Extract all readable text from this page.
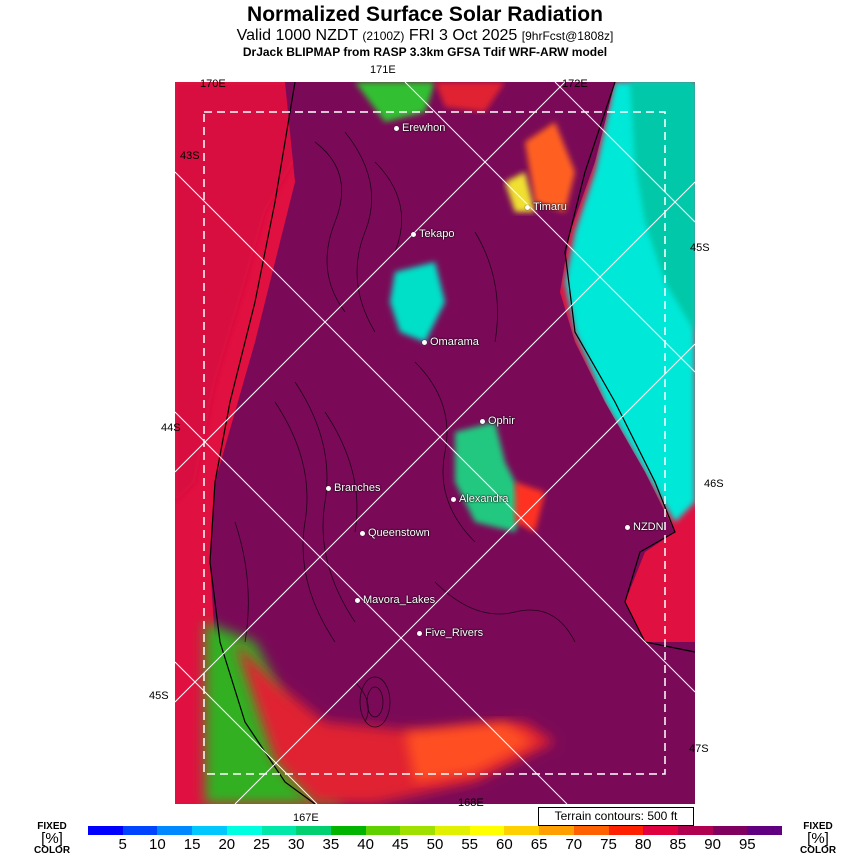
Normalized Surface Solar Radiation
Valid 1000 NZDT (2100Z) FRI 3 Oct 2025 [9hrFcst@1808z]
DrJack BLIPMAP from RASP 3.3km GFSA Tdif WRF-ARW model
171E
170E	172E
167E
168E
43S
44S
45S
45S
46S
47S
Erewhon
Timaru
Tekapo
Omarama
Ophir
Branches
Alexandra
Queenstown	NZDN
Mavora_Lakes
Five_Rivers
Terrain contours: 500 ft
FIXED
[%]
COLOR
FIXED
[%]
COLOR
5 10 15 20 25 30 35 40 45 50 55 60 65 70 75 80 85 90 95
